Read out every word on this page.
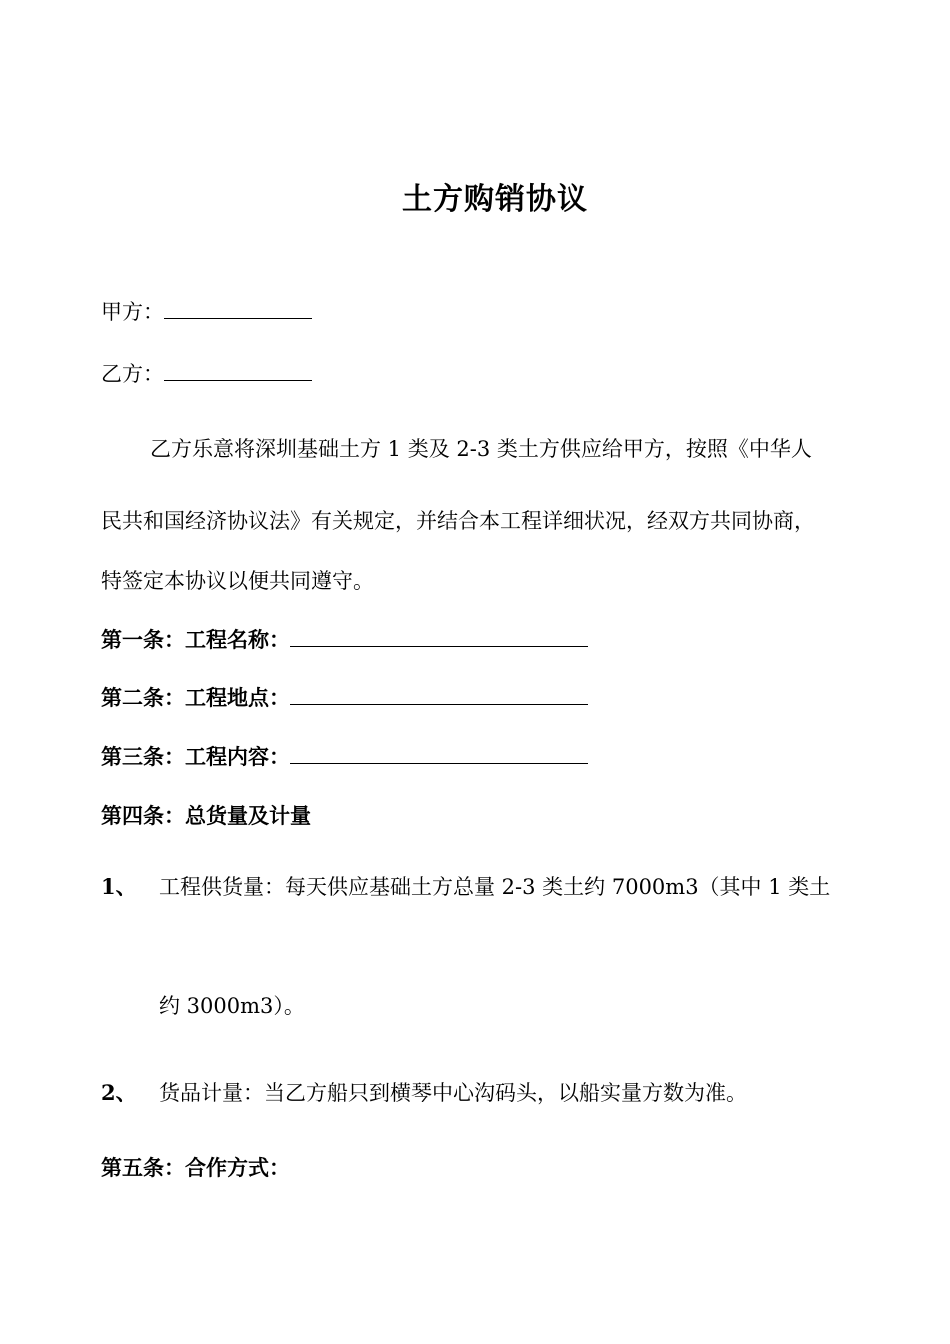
土方购销协议
甲方：
乙方：
乙方乐意将深圳基础土方 1 类及 2-3 类土方供应给甲方，按照《中华人
民共和国经济协议法》有关规定，并结合本工程详细状况，经双方共同协商，
特签定本协议以便共同遵守。
第一条：工程名称：
第二条：工程地点：
第三条：工程内容：
第四条：总货量及计量
1、 工程供货量：每天供应基础土方总量 2-3 类土约 7000m3（其中 1 类土
约 3000m3）。
2、 货品计量：当乙方船只到横琴中心沟码头，以船实量方数为准。
第五条：合作方式：
